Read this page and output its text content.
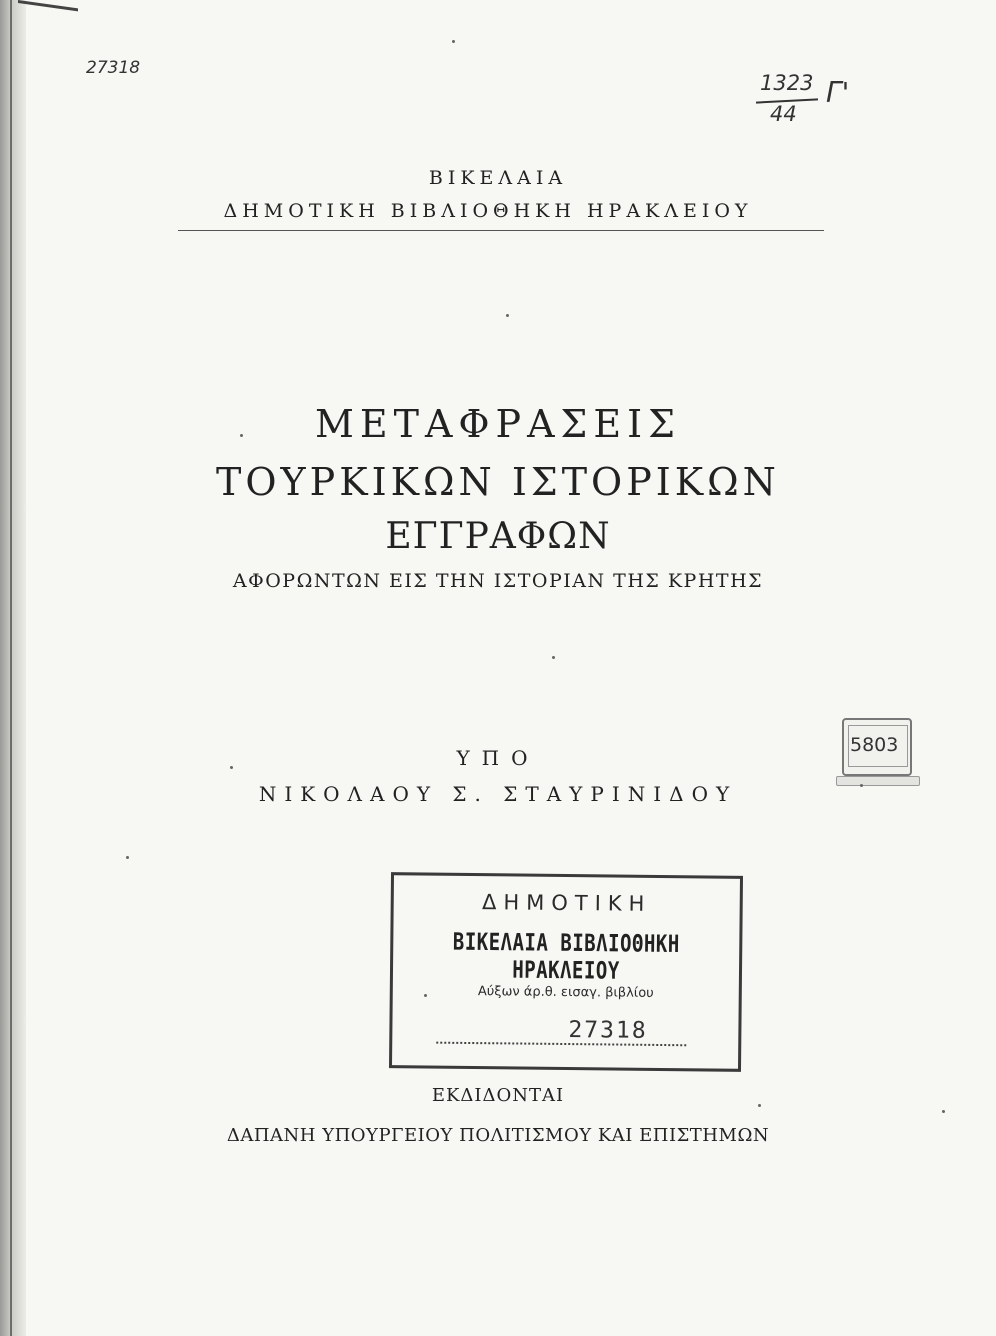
27318
1323
44
Γ'
ΒΙΚΕΛΑΙΑ
ΔΗΜΟΤΙΚΗ ΒΙΒΛΙΟΘΗΚΗ ΗΡΑΚΛΕΙΟΥ
ΜΕΤΑΦΡΑΣΕΙΣ
ΤΟΥΡΚΙΚΩΝ ΙΣΤΟΡΙΚΩΝ
ΕΓΓΡΑΦΩΝ
ΑΦΟΡΩΝΤΩΝ ΕΙΣ ΤΗΝ ΙΣΤΟΡΙΑΝ ΤΗΣ ΚΡΗΤΗΣ
ΥΠΟ
ΝΙΚΟΛΑΟΥ Σ. ΣΤΑΥΡΙΝΙΔΟΥ
5803
ΔΗΜΟΤΙΚΗ
ΒΙΚΕΛΑΙΑ ΒΙΒΛΙΟΘΗΚΗ ΗΡΑΚΛΕΙΟΥ
Αύξων άρ.θ. εισαγ. βιβλίου
27318
ΕΚΔΙΔΟΝΤΑΙ
ΔΑΠΑΝΗ ΥΠΟΥΡΓΕΙΟΥ ΠΟΛΙΤΙΣΜΟΥ ΚΑΙ ΕΠΙΣΤΗΜΩΝ
